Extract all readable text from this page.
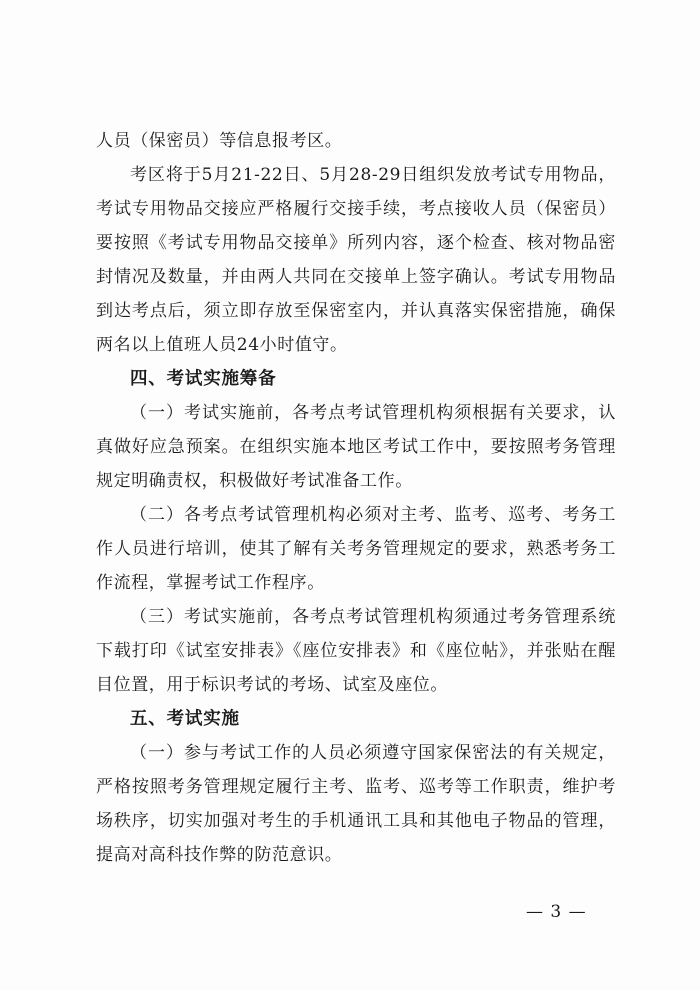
人员（保密员）等信息报考区。

考区将于5月21-22日、5月28-29日组织发放考试专用物品，考试专用物品交接应严格履行交接手续，考点接收人员（保密员）要按照《考试专用物品交接单》所列内容，逐个检查、核对物品密封情况及数量，并由两人共同在交接单上签字确认。考试专用物品到达考点后，须立即存放至保密室内，并认真落实保密措施，确保两名以上值班人员24小时值守。

四、考试实施筹备

（一）考试实施前，各考点考试管理机构须根据有关要求，认真做好应急预案。在组织实施本地区考试工作中，要按照考务管理规定明确责权，积极做好考试准备工作。

（二）各考点考试管理机构必须对主考、监考、巡考、考务工作人员进行培训，使其了解有关考务管理规定的要求，熟悉考务工作流程，掌握考试工作程序。

（三）考试实施前，各考点考试管理机构须通过考务管理系统下载打印《试室安排表》《座位安排表》和《座位帖》，并张贴在醒目位置，用于标识考试的考场、试室及座位。

五、考试实施

（一）参与考试工作的人员必须遵守国家保密法的有关规定，严格按照考务管理规定履行主考、监考、巡考等工作职责，维护考场秩序，切实加强对考生的手机通讯工具和其他电子物品的管理，提高对高科技作弊的防范意识。

— 3 —
